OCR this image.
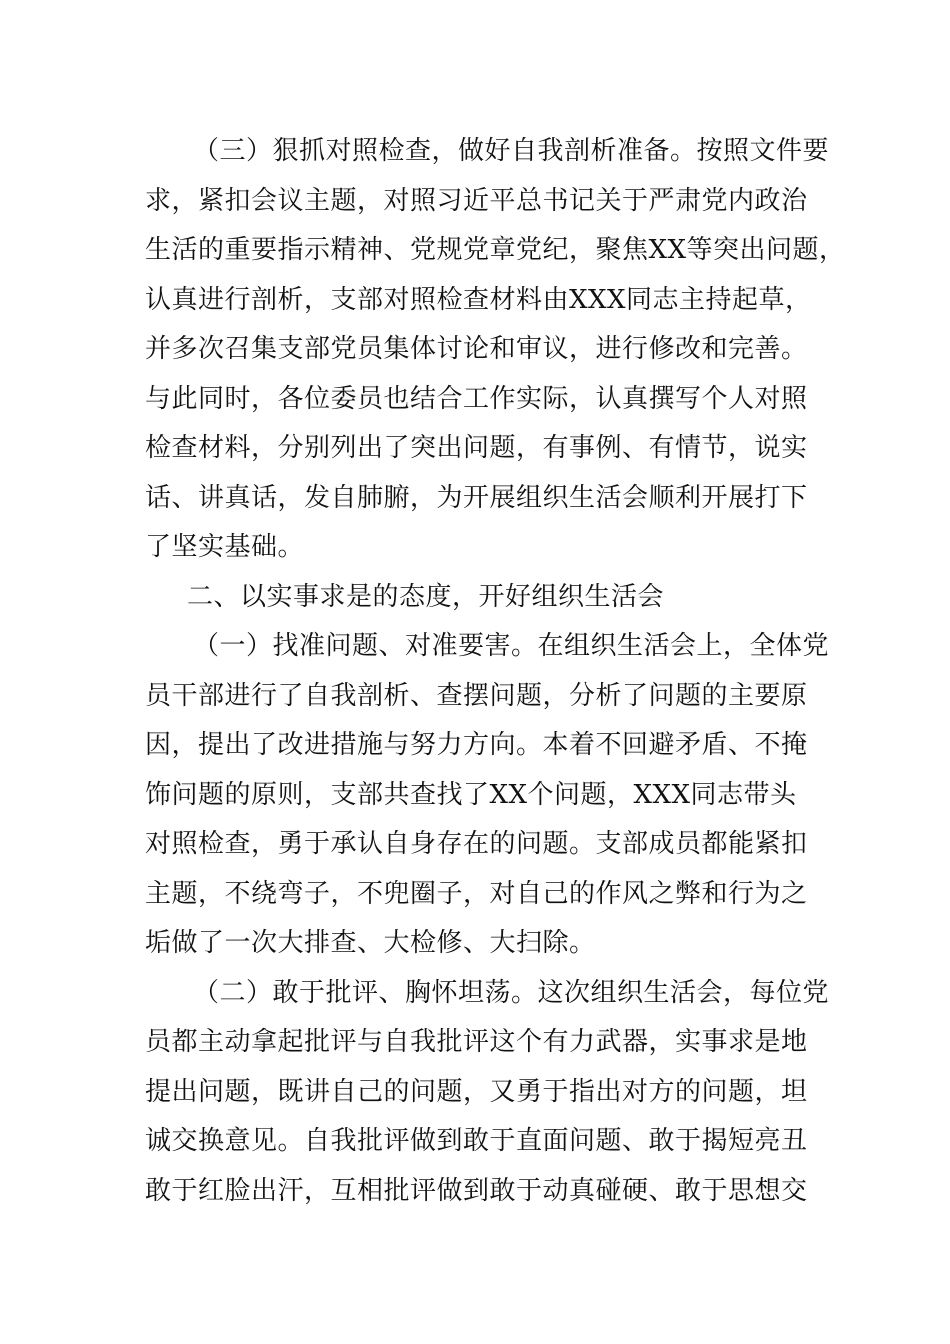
（三）狠抓对照检查，做好自我剖析准备。按照文件要
求，紧扣会议主题，对照习近平总书记关于严肃党内政治
生活的重要指示精神、党规党章党纪，聚焦XX等突出问题，
认真进行剖析，支部对照检查材料由XXX同志主持起草，
并多次召集支部党员集体讨论和审议，进行修改和完善。
与此同时，各位委员也结合工作实际，认真撰写个人对照
检查材料，分别列出了突出问题，有事例、有情节，说实
话、讲真话，发自肺腑，为开展组织生活会顺利开展打下
了坚实基础。
二、以实事求是的态度，开好组织生活会
（一）找准问题、对准要害。在组织生活会上，全体党
员干部进行了自我剖析、查摆问题，分析了问题的主要原
因，提出了改进措施与努力方向。本着不回避矛盾、不掩
饰问题的原则，支部共查找了XX个问题，XXX同志带头
对照检查，勇于承认自身存在的问题。支部成员都能紧扣
主题，不绕弯子，不兜圈子，对自己的作风之弊和行为之
垢做了一次大排查、大检修、大扫除。
（二）敢于批评、胸怀坦荡。这次组织生活会，每位党
员都主动拿起批评与自我批评这个有力武器，实事求是地
提出问题，既讲自己的问题，又勇于指出对方的问题，坦
诚交换意见。自我批评做到敢于直面问题、敢于揭短亮丑
敢于红脸出汗，互相批评做到敢于动真碰硬、敢于思想交
